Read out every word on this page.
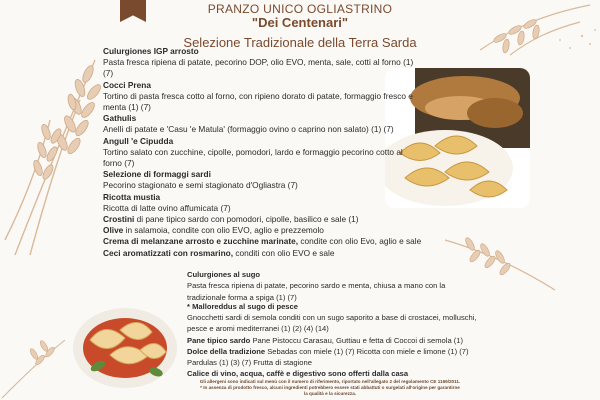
PRANZO UNICO OGLIASTRINO
"Dei Centenari"
Selezione Tradizionale della Terra Sarda
Culurgiones IGP arrosto
Pasta fresca ripiena di patate, pecorino DOP, olio EVO, menta, sale, cotti al forno (1) (7)
Cocci Prena
Tortino di pasta fresca cotto al forno, con ripieno dorato di patate, formaggio fresco e menta (1) (7)
Gathulis
Anelli di patate e 'Casu 'e Matula' (formaggio ovino o caprino non salato) (1) (7)
Angull 'e Cipudda
Tortino salato con zucchine, cipolle, pomodori, lardo e formaggio pecorino cotto al forno (7)
Selezione di formaggi sardi
Pecorino stagionato e semi stagionato d'Ogliastra (7)
Ricotta mustia
Ricotta di latte ovino affumicata (7)
Crostini di pane tipico sardo con pomodori, cipolle, basilico e sale (1)
Olive in salamoia, condite con olio EVO, aglio e prezzemolo
Crema di melanzane arrosto e zucchine marinate, condite con olio Evo, aglio e sale
Ceci aromatizzati con rosmarino, conditi con olio EVO e sale
Culurgiones al sugo
Pasta fresca ripiena di patate, pecorino sardo e menta, chiusa a mano con la tradizionale forma a spiga (1) (7)
* Malloreddus al sugo di pesce
Gnocchetti sardi di semola conditi con un sugo saporito a base di crostacei, molluschi, pesce e aromi mediterranei (1) (2) (4) (14)
Pane tipico sardo Pane Pistoccu Carasau, Guttiau e fetta di Coccoi di semola (1)
Dolce della tradizione Sebadas con miele (1) (7) Ricotta con miele e limone (1) (7) Pardulas (1) (3) (7) Frutta di stagione
Calice di vino, acqua, caffè e digestivo sono offerti dalla casa
Gli allergeni sono indicati sul menù con il numero di riferimento, riportato nell'allegato 2 del regolamento CE 1169/2011.
* In assenza di prodotto fresco, alcuni ingredienti potrebbero essere stati abbattuti o surgelati all'origine per garantirne
la qualità e la sicurezza.
